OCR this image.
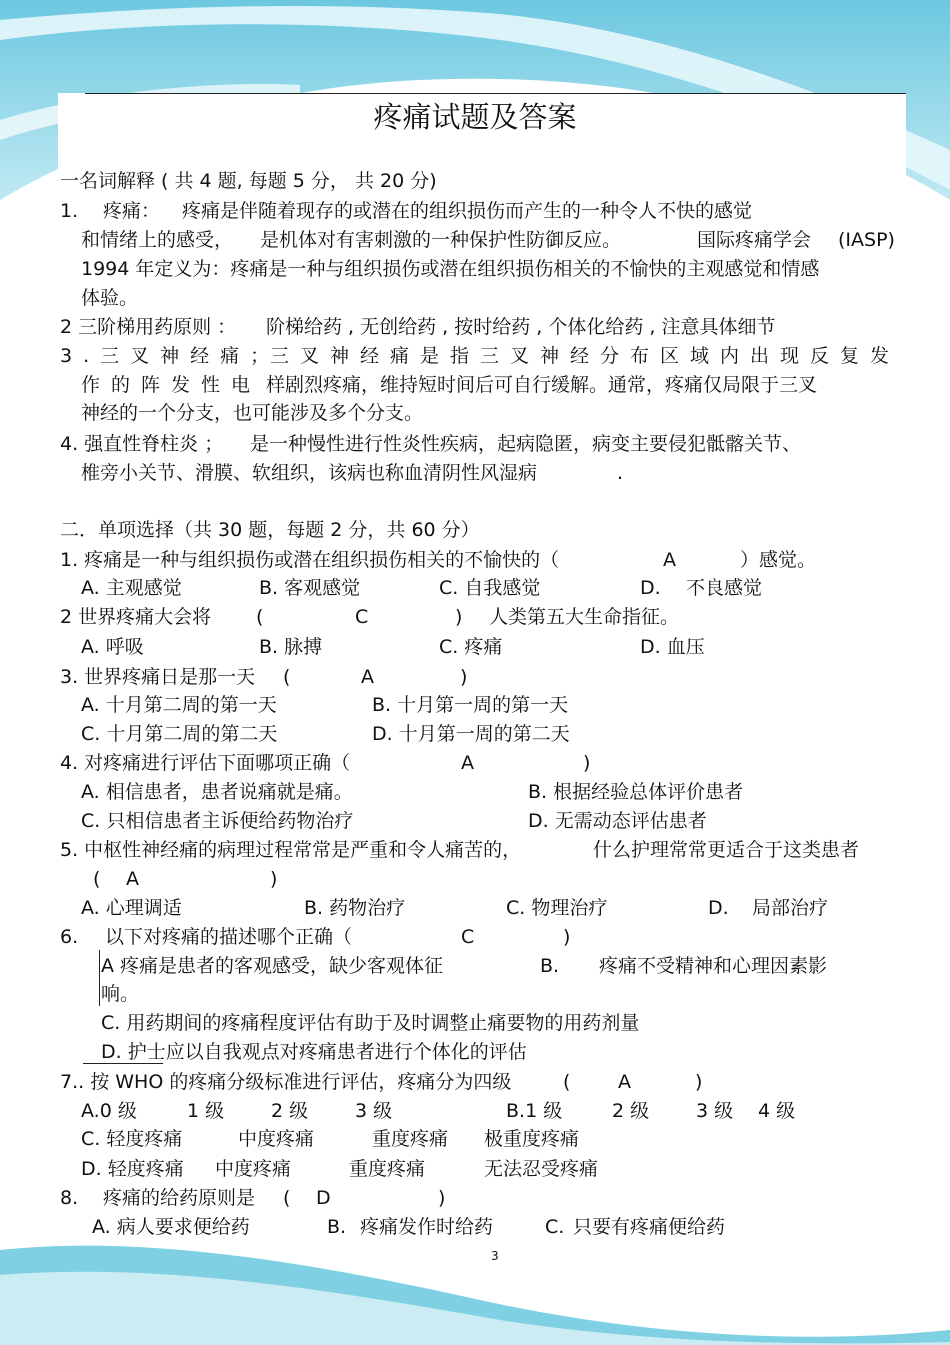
疼痛试题及答案
一名词解释 ( 共 4 题, 每题 5 分， 共 20 分)
1. 疼痛： 疼痛是伴随着现存的或潜在的组织损伤而产生的一种令人不快的感觉
和情绪上的感受， 是机体对有害刺激的一种保护性防御反应。	国际疼痛学会 (IASP)
1994 年定义为：疼痛是一种与组织损伤或潜在组织损伤相关的不愉快的主观感觉和情感
体验。
2 三阶梯用药原则 ： 阶梯给药 , 无创给药 , 按时给药 , 个体化给药 , 注意具体细节
3.三叉神经痛；
三叉神经痛是指三叉神经分布区域内出现反复发
作的阵发性电 样剧烈疼痛，维持短时间后可自行缓解。通常，疼痛仅局限于三叉
神经的一个分支，也可能涉及多个分支。
4. 强直性脊柱炎 ； 是一种慢性进行性炎性疾病，起病隐匿，病变主要侵犯骶髂关节、
椎旁小关节、滑膜、软组织，该病也称血清阴性风湿病	.
二．单项选择（共 30 题，每题 2 分，共 60 分）
1. 疼痛是一种与组织损伤或潜在组织损伤相关的不愉快的（	A	）感觉。
A. 主观感觉	B. 客观感觉	C. 自我感觉	D. 不良感觉
2 世界疼痛大会将 (	C	) 人类第五大生命指征。
A. 呼吸	B. 脉搏	C. 疼痛	D. 血压
3. 世界疼痛日是那一天 (	A	)
A. 十月第二周的第一天	B. 十月第一周的第一天
C. 十月第二周的第二天	D. 十月第一周的第二天
4. 对疼痛进行评估下面哪项正确（	A	)
A. 相信患者，患者说痛就是痛。	B. 根据经验总体评价患者
C. 只相信患者主诉便给药物治疗	D. 无需动态评估患者
5. 中枢性神经痛的病理过程常常是严重和令人痛苦的，	什么护理常常更适合于这类患者
( A	)
A. 心理调适	B. 药物治疗	C. 物理治疗	D. 局部治疗
6. 以下对疼痛的描述哪个正确（	C	)
A 疼痛是患者的客观感受，缺少客观体征	B. 疼痛不受精神和心理因素影
响。
C. 用药期间的疼痛程度评估有助于及时调整止痛要物的用药剂量
D. 护士应以自我观点对疼痛患者进行个体化的评估
7.. 按 WHO 的疼痛分级标准进行评估，疼痛分为四级	(	A	)
A.0 级	1 级 2 级 3 级	B.1 级	2 级 3 级 4 级
C. 轻度疼痛	中度疼痛	重度疼痛 极重度疼痛
D. 轻度疼痛 中度疼痛	重度疼痛	无法忍受疼痛
8. 疼痛的给药原则是 ( D	)
A. 病人要求便给药	B. 疼痛发作时给药	C. 只要有疼痛便给药
3
